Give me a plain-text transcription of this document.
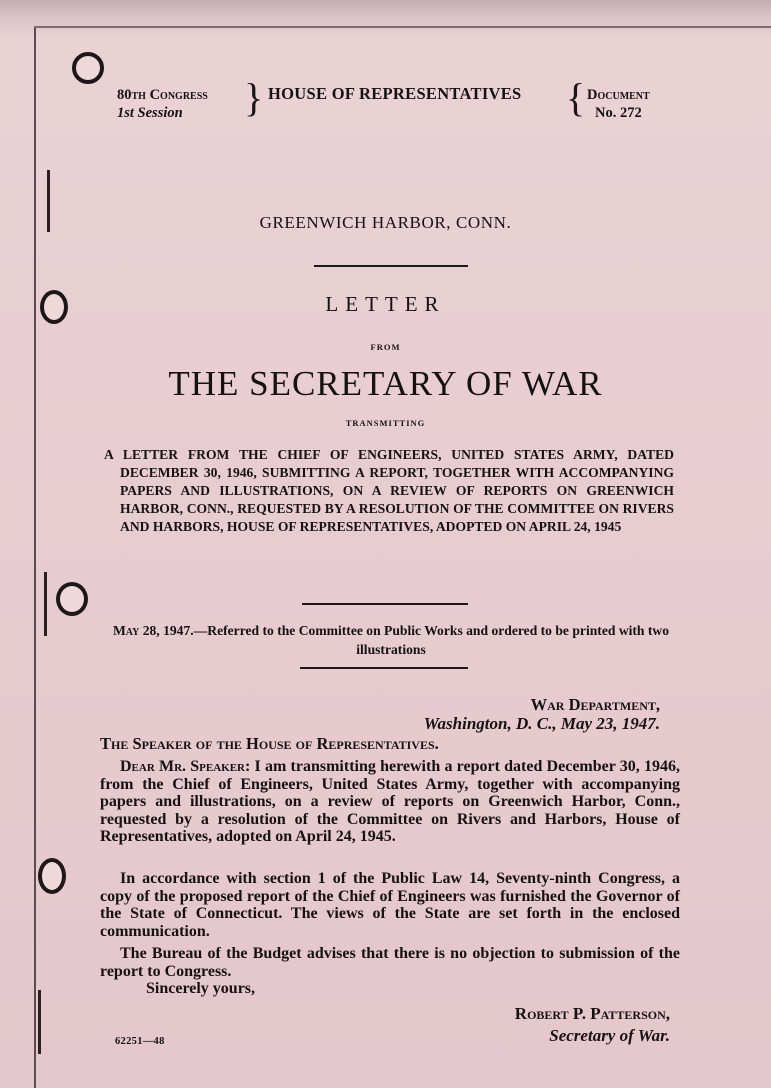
80th Congress
1st Session	} HOUSE OF REPRESENTATIVES	{ Document
No. 272
GREENWICH HARBOR, CONN.
LETTER
FROM
THE SECRETARY OF WAR
TRANSMITTING
A LETTER FROM THE CHIEF OF ENGINEERS, UNITED STATES ARMY, DATED DECEMBER 30, 1946, SUBMITTING A REPORT, TOGETHER WITH ACCOMPANYING PAPERS AND ILLUSTRATIONS, ON A REVIEW OF REPORTS ON GREENWICH HARBOR, CONN., REQUESTED BY A RESOLUTION OF THE COMMITTEE ON RIVERS AND HARBORS, HOUSE OF REPRESENTATIVES, ADOPTED ON APRIL 24, 1945
May 28, 1947.—Referred to the Committee on Public Works and ordered to be printed with two illustrations
War Department,
Washington, D. C., May 23, 1947.
The Speaker of the House of Representatives.
Dear Mr. Speaker: I am transmitting herewith a report dated December 30, 1946, from the Chief of Engineers, United States Army, together with accompanying papers and illustrations, on a review of reports on Greenwich Harbor, Conn., requested by a resolution of the Committee on Rivers and Harbors, House of Representatives, adopted on April 24, 1945.
In accordance with section 1 of the Public Law 14, Seventy-ninth Congress, a copy of the proposed report of the Chief of Engineers was furnished the Governor of the State of Connecticut. The views of the State are set forth in the enclosed communication.
The Bureau of the Budget advises that there is no objection to submission of the report to Congress.
Sincerely yours,
Robert P. Patterson,
Secretary of War.
62251—48
